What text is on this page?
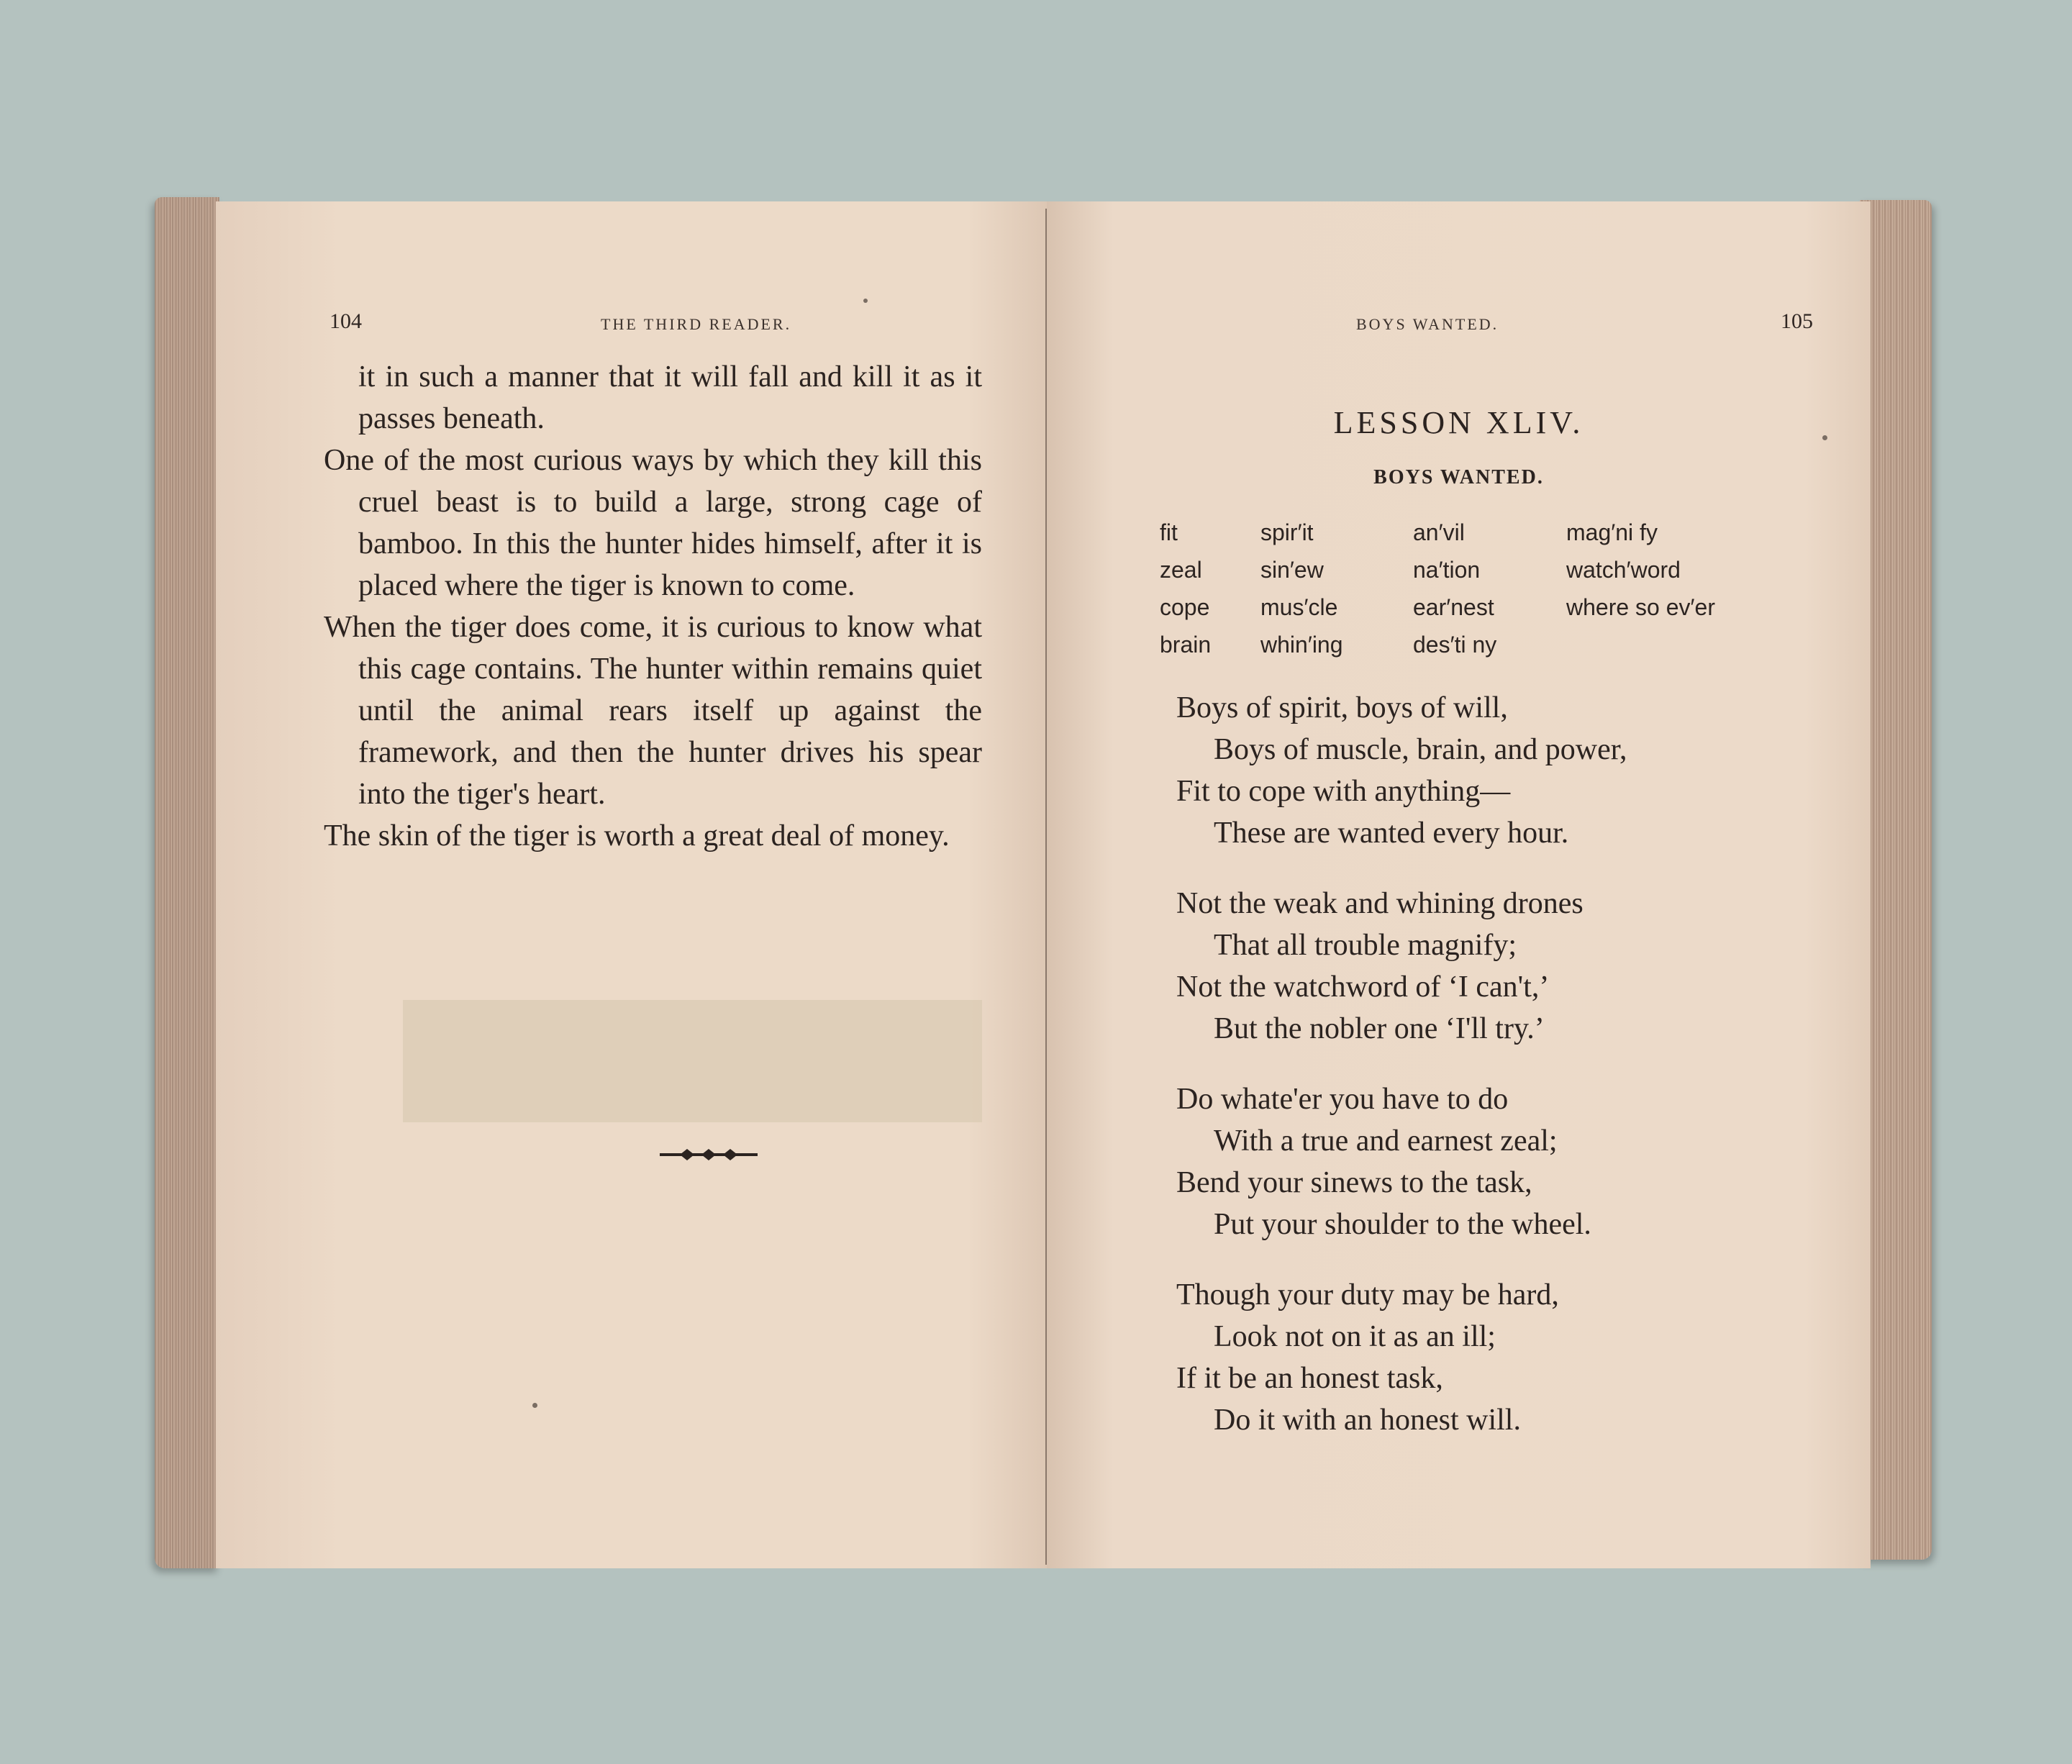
104	THE THIRD READER.

it in such a manner that it will fall and kill it as it passes beneath.

One of the most curious ways by which they kill this cruel beast is to build a large, strong cage of bamboo. In this the hunter hides himself, after it is placed where the tiger is known to come.

When the tiger does come, it is curious to know what this cage contains. The hunter within remains quiet until the animal rears itself up against the framework, and then the hunter drives his spear into the tiger's heart.

The skin of the tiger is worth a great deal of money.

BOYS WANTED.	105
LESSON XLIV.
BOYS WANTED.
fit	spir′it	an′vil	mag′ni fy
zeal	sin′ew	na′tion	watch′word
cope	mus′cle	ear′nest	where so ev′er
brain	whin′ing	des′ti ny
Boys of spirit, boys of will,
Boys of muscle, brain, and power,
Fit to cope with anything—
These are wanted every hour.
Not the weak and whining drones
That all trouble magnify;
Not the watchword of ‘I can't,’
But the nobler one ‘I'll try.’
Do whate'er you have to do
With a true and earnest zeal;
Bend your sinews to the task,
Put your shoulder to the wheel.
Though your duty may be hard,
Look not on it as an ill;
If it be an honest task,
Do it with an honest will.
